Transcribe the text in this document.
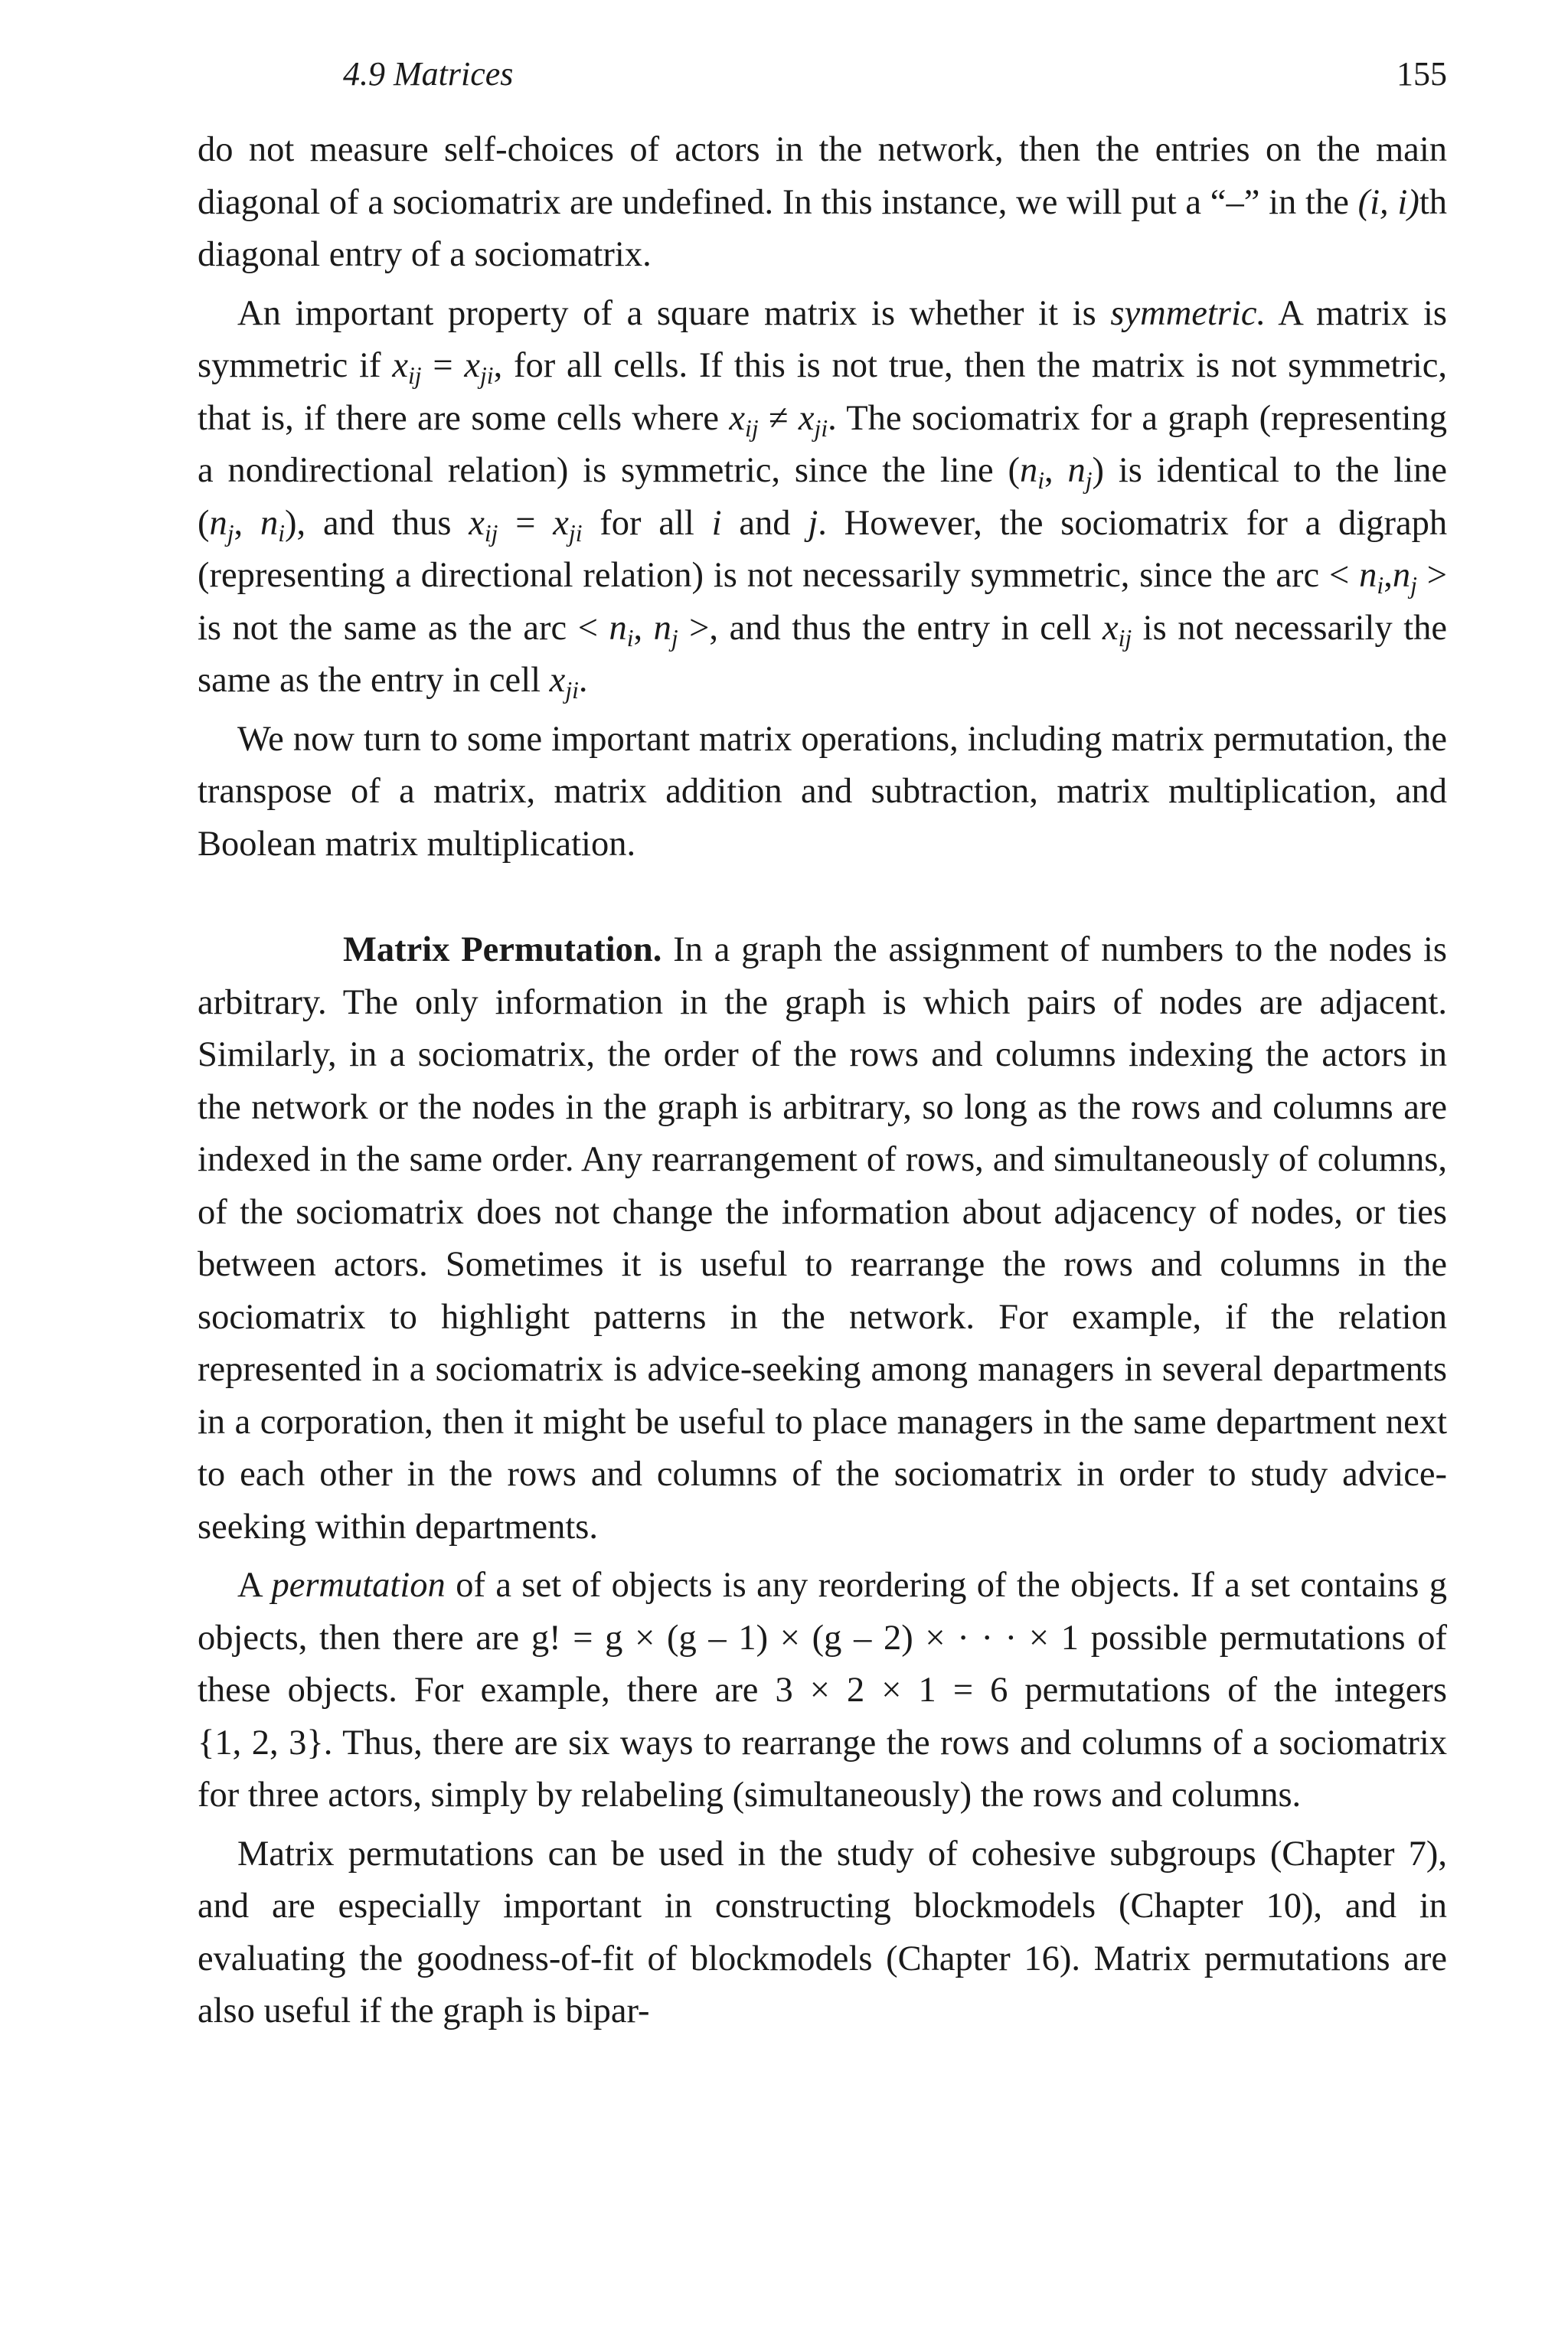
4.9 Matrices	155

do not measure self-choices of actors in the network, then the entries on the main diagonal of a sociomatrix are undefined. In this instance, we will put a “–” in the (i, i)th diagonal entry of a sociomatrix.

An important property of a square matrix is whether it is symmetric. A matrix is symmetric if $x_{ij} = x_{ji}$, for all cells. If this is not true, then the matrix is not symmetric, that is, if there are some cells where $x_{ij} \ne x_{ji}$. The sociomatrix for a graph (representing a nondirectional relation) is symmetric, since the line ($n_i$, $n_j$) is identical to the line ($n_j$, $n_i$), and thus $x_{ij} = x_{ji}$ for all i and j. However, the sociomatrix for a digraph (representing a directional relation) is not necessarily symmetric, since the arc < $n_i,n_j$ > is not the same as the arc < $n_i$, $n_j$ >, and thus the entry in cell $x_{ij}$ is not necessarily the same as the entry in cell $x_{ji}$.

We now turn to some important matrix operations, including matrix permutation, the transpose of a matrix, matrix addition and subtraction, matrix multiplication, and Boolean matrix multiplication.

Matrix Permutation. In a graph the assignment of numbers to the nodes is arbitrary. The only information in the graph is which pairs of nodes are adjacent. Similarly, in a sociomatrix, the order of the rows and columns indexing the actors in the network or the nodes in the graph is arbitrary, so long as the rows and columns are indexed in the same order. Any rearrangement of rows, and simultaneously of columns, of the sociomatrix does not change the information about adjacency of nodes, or ties between actors. Sometimes it is useful to rearrange the rows and columns in the sociomatrix to highlight patterns in the network. For example, if the relation represented in a sociomatrix is advice-seeking among managers in several departments in a corporation, then it might be useful to place managers in the same department next to each other in the rows and columns of the sociomatrix in order to study advice-seeking within departments.

A permutation of a set of objects is any reordering of the objects. If a set contains g objects, then there are g! = g × (g – 1) × (g – 2) × · · · × 1 possible permutations of these objects. For example, there are 3 × 2 × 1 = 6 permutations of the integers {1, 2, 3}. Thus, there are six ways to rearrange the rows and columns of a sociomatrix for three actors, simply by relabeling (simultaneously) the rows and columns.

Matrix permutations can be used in the study of cohesive subgroups (Chapter 7), and are especially important in constructing blockmodels (Chapter 10), and in evaluating the goodness-of-fit of blockmodels (Chapter 16). Matrix permutations are also useful if the graph is bipar-
